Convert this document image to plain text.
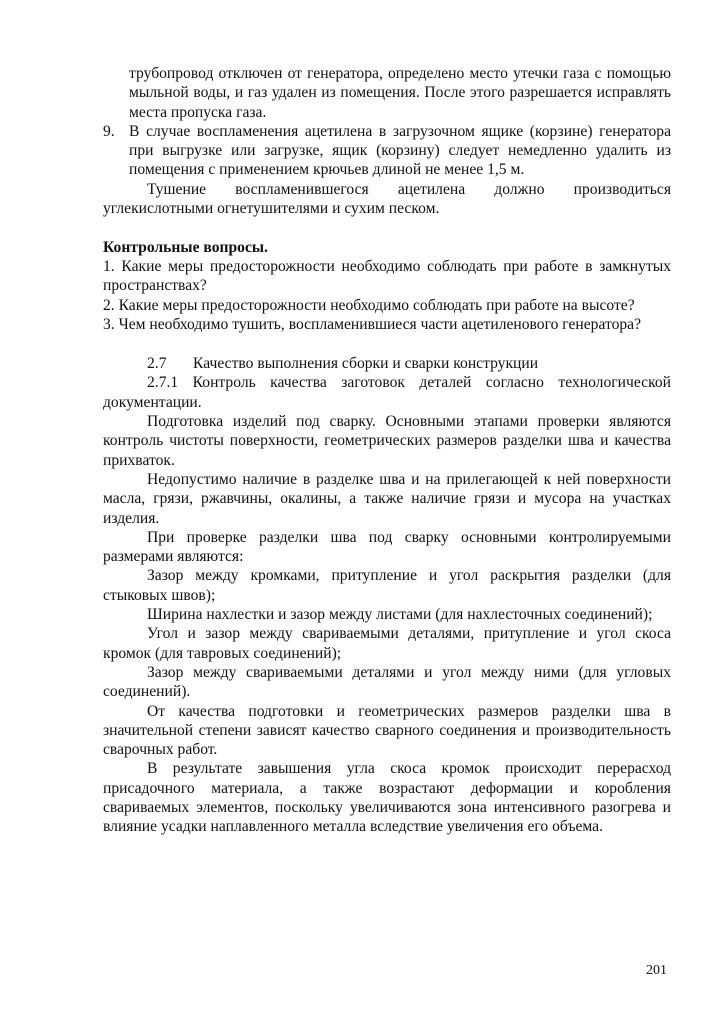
трубопровод отключен от генератора, определено место утечки газа с помощью мыльной воды, и газ удален из помещения. После этого разрешается исправлять места пропуска газа.

9. В случае воспламенения ацетилена в загрузочном ящике (корзине) генератора при выгрузке или загрузке, ящик (корзину) следует немедленно удалить из помещения с применением крючьев длиной не менее 1,5 м.

Тушение воспламенившегося ацетилена должно производиться углекислотными огнетушителями и сухим песком.

Контрольные вопросы.

1. Какие меры предосторожности необходимо соблюдать при работе в замкнутых пространствах?

2. Какие меры предосторожности необходимо соблюдать при работе на высоте?

3. Чем необходимо тушить, воспламенившиеся части ацетиленового генератора?

2.7 Качество выполнения сборки и сварки конструкции

2.7.1 Контроль качества заготовок деталей согласно технологической документации.

Подготовка изделий под сварку. Основными этапами проверки являются контроль чистоты поверхности, геометрических размеров разделки шва и качества прихваток.

Недопустимо наличие в разделке шва и на прилегающей к ней поверхности масла, грязи, ржавчины, окалины, а также наличие грязи и мусора на участках изделия.

При проверке разделки шва под сварку основными контролируемыми размерами являются:

Зазор между кромками, притупление и угол раскрытия разделки (для стыковых швов);

Ширина нахлестки и зазор между листами (для нахлесточных соединений);

Угол и зазор между свариваемыми деталями, притупление и угол скоса кромок (для тавровых соединений);

Зазор между свариваемыми деталями и угол между ними (для угловых соединений).

От качества подготовки и геометрических размеров разделки шва в значительной степени зависят качество сварного соединения и производительность сварочных работ.

В результате завышения угла скоса кромок происходит перерасход присадочного материала, а также возрастают деформации и коробления свариваемых элементов, поскольку увеличиваются зона интенсивного разогрева и влияние усадки наплавленного металла вследствие увеличения его объема.

201
